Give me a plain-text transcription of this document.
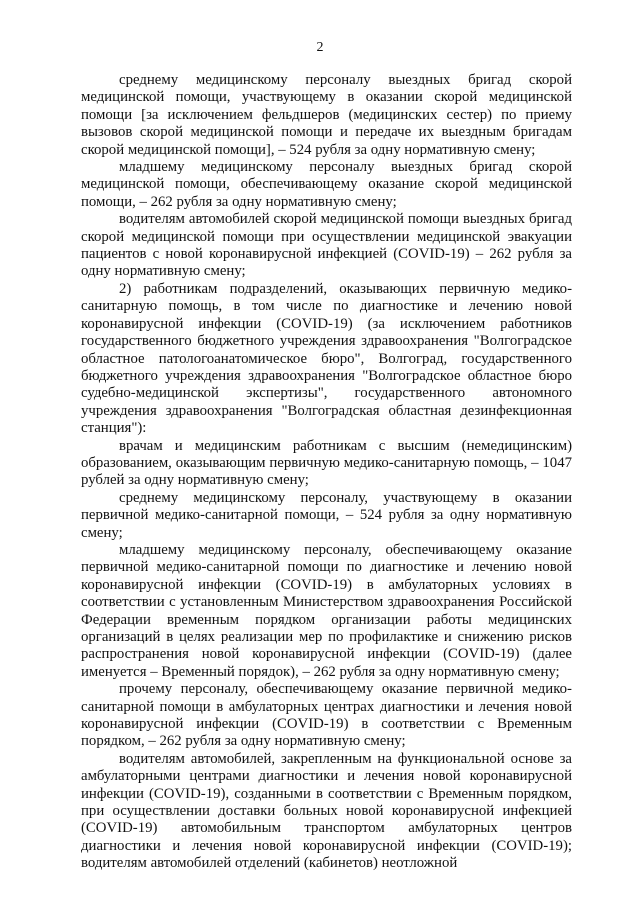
2

среднему медицинскому персоналу выездных бригад скорой медицинской помощи, участвующему в оказании скорой медицинской помощи [за исключением фельдшеров (медицинских сестер) по приему вызовов скорой медицинской помощи и передаче их выездным бригадам скорой медицинской помощи], – 524 рубля за одну нормативную смену;

младшему медицинскому персоналу выездных бригад скорой медицинской помощи, обеспечивающему оказание скорой медицинской помощи, – 262 рубля за одну нормативную смену;

водителям автомобилей скорой медицинской помощи выездных бригад скорой медицинской помощи при осуществлении медицинской эвакуации пациентов с новой коронавирусной инфекцией (COVID-19) – 262 рубля за одну нормативную смену;

2) работникам подразделений, оказывающих первичную медико-санитарную помощь, в том числе по диагностике и лечению новой коронавирусной инфекции (COVID-19) (за исключением работников государственного бюджетного учреждения здравоохранения "Волгоградское областное патологоанатомическое бюро", Волгоград, государственного бюджетного учреждения здравоохранения "Волгоградское областное бюро судебно-медицинской экспертизы", государственного автономного учреждения здравоохранения "Волгоградская областная дезинфекционная станция"):

врачам и медицинским работникам с высшим (немедицинским) образованием, оказывающим первичную медико-санитарную помощь, – 1047 рублей за одну нормативную смену;

среднему медицинскому персоналу, участвующему в оказании первичной медико-санитарной помощи, – 524 рубля за одну нормативную смену;

младшему медицинскому персоналу, обеспечивающему оказание первичной медико-санитарной помощи по диагностике и лечению новой коронавирусной инфекции (COVID-19) в амбулаторных условиях в соответствии с установленным Министерством здравоохранения Российской Федерации временным порядком организации работы медицинских организаций в целях реализации мер по профилактике и снижению рисков распространения новой коронавирусной инфекции (COVID-19) (далее именуется – Временный порядок), – 262 рубля за одну нормативную смену;

прочему персоналу, обеспечивающему оказание первичной медико-санитарной помощи в амбулаторных центрах диагностики и лечения новой коронавирусной инфекции (COVID-19) в соответствии с Временным порядком, – 262 рубля за одну нормативную смену;

водителям автомобилей, закрепленным на функциональной основе за амбулаторными центрами диагностики и лечения новой коронавирусной инфекции (COVID-19), созданными в соответствии с Временным порядком, при осуществлении доставки больных новой коронавирусной инфекцией (COVID-19) автомобильным транспортом амбулаторных центров диагностики и лечения новой коронавирусной инфекции (COVID-19); водителям автомобилей отделений (кабинетов) неотложной
